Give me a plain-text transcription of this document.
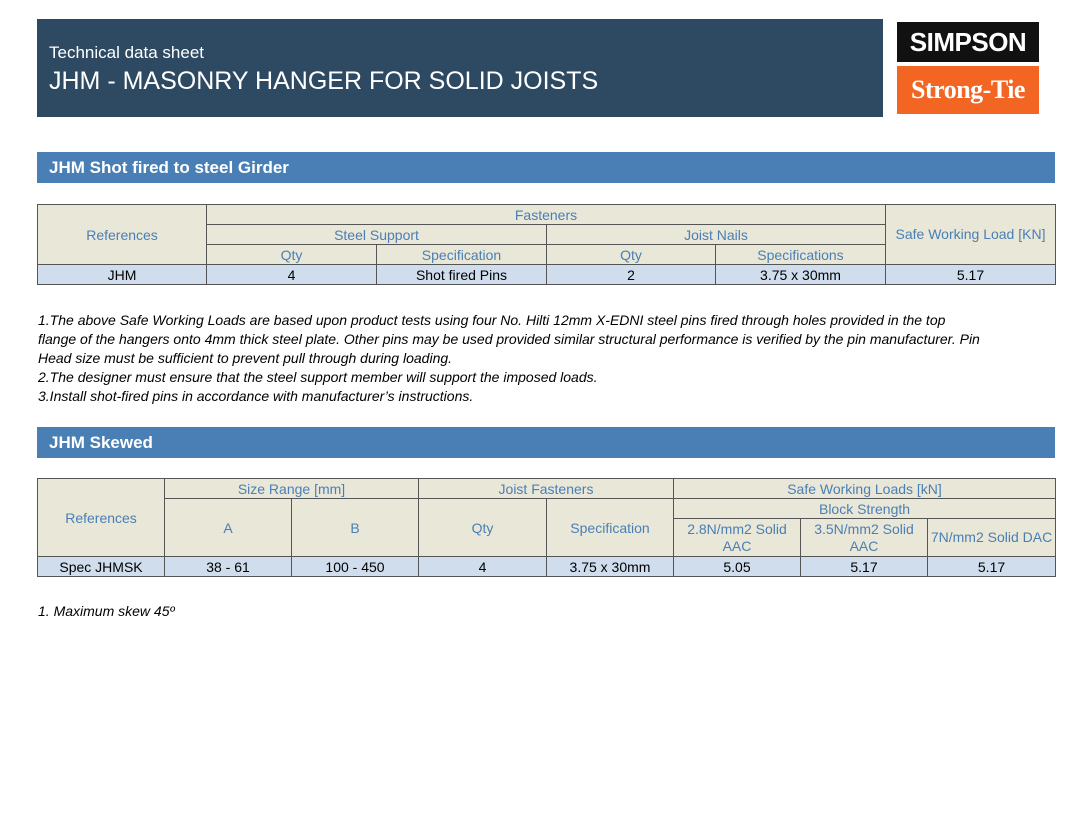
Technical data sheet
JHM - MASONRY HANGER FOR SOLID JOISTS
SIMPSON
Strong-Tie
JHM Shot fired to steel Girder
References	Fasteners				Safe Working Load [KN]
	Steel Support		Joist Nails		
	Qty	Specification	Qty	Specifications	
JHM	4	Shot fired Pins	2	3.75 x 30mm	5.17
1.The above Safe Working Loads are based upon product tests using four No. Hilti 12mm X-EDNI steel pins fired through holes provided in the top
flange of the hangers onto 4mm thick steel plate. Other pins may be used provided similar structural performance is verified by the pin manufacturer. Pin
Head size must be sufficient to prevent pull through during loading.
2.The designer must ensure that the steel support member will support the imposed loads.
3.Install shot-fired pins in accordance with manufacturer’s instructions.
JHM Skewed
References	Size Range [mm]		Joist Fasteners		Safe Working Loads [kN]		
	A	B	Qty	Specification	Block Strength		
					2.8N/mm2 Solid AAC	3.5N/mm2 Solid AAC	7N/mm2 Solid DAC
Spec JHMSK	38 - 61	100 - 450	4	3.75 x 30mm	5.05	5.17	5.17
1. Maximum skew 45º
